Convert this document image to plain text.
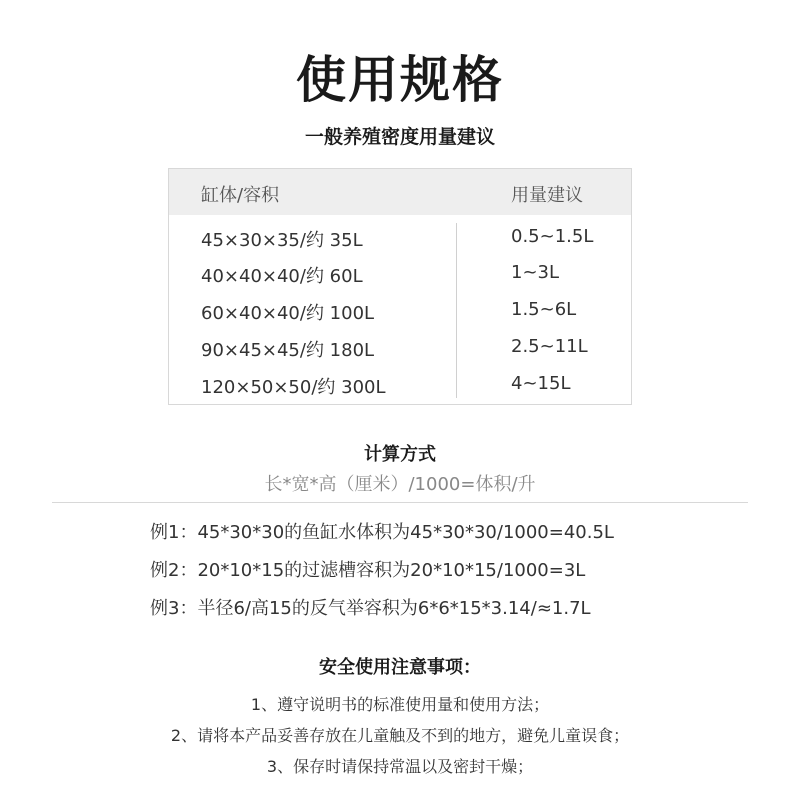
使用规格
一般养殖密度用量建议
缸体/容积	用量建议
45×30×35/约 35L	0.5~1.5L
40×40×40/约 60L	1~3L
60×40×40/约 100L	1.5~6L
90×45×45/约 180L	2.5~11L
120×50×50/约 300L	4~15L
计算方式
长*宽*高（厘米）/1000=体积/升
例1：45*30*30的鱼缸水体积为45*30*30/1000=40.5L
例2：20*10*15的过滤槽容积为20*10*15/1000=3L
例3：半径6/高15的反气举容积为6*6*15*3.14/≈1.7L
安全使用注意事项：
1、遵守说明书的标准使用量和使用方法；
2、请将本产品妥善存放在儿童触及不到的地方，避免儿童误食；
3、保存时请保持常温以及密封干燥；
